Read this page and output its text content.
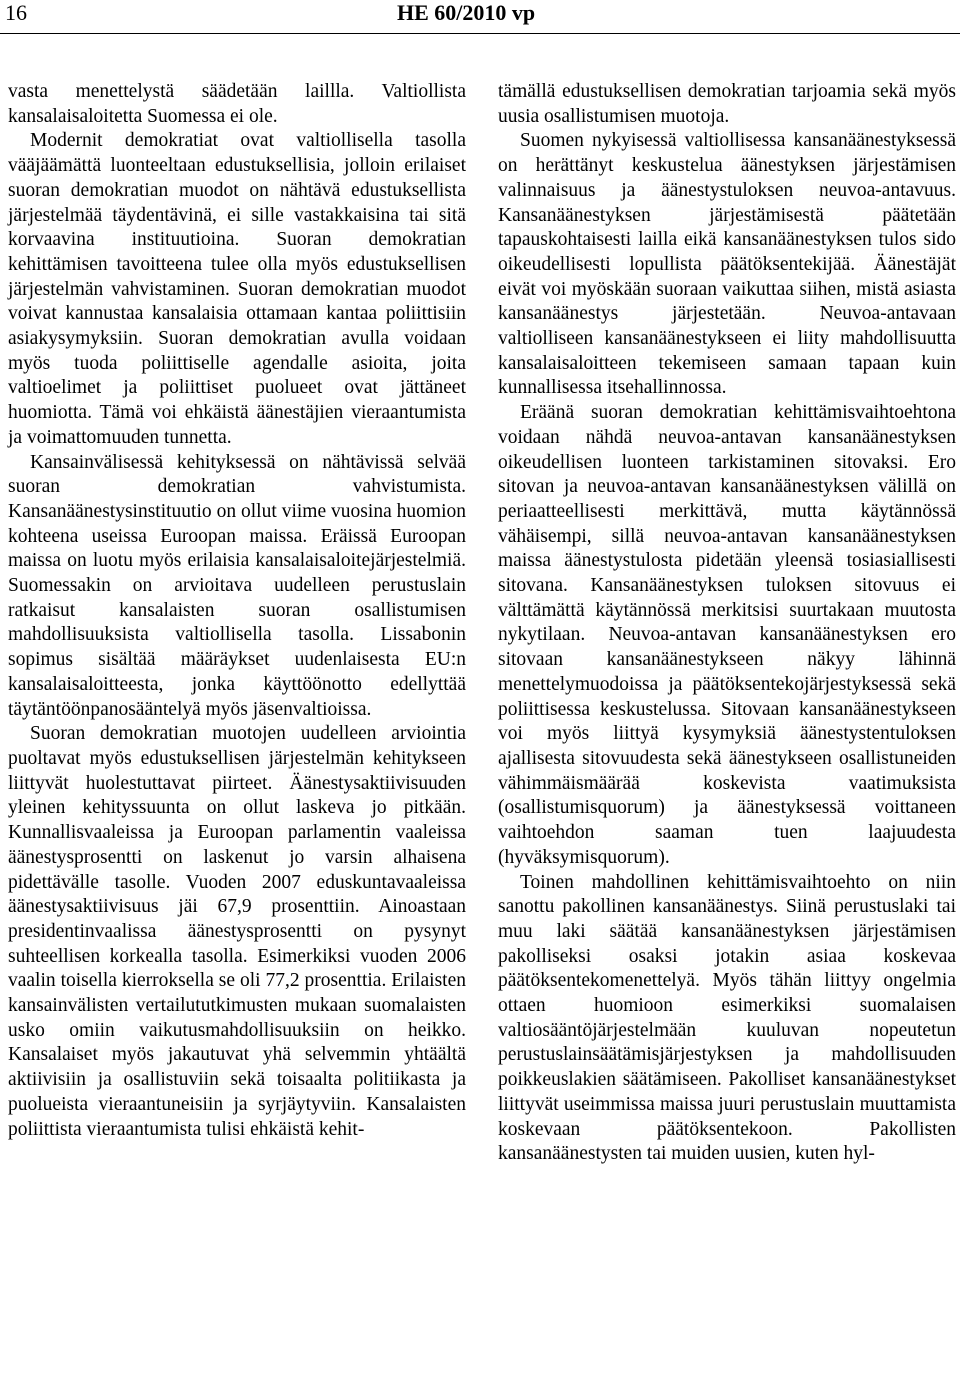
16	HE 60/2010 vp

vasta menettelystä säädetään laillla. Valtiollista kansalaisaloitetta Suomessa ei ole.

Modernit demokratiat ovat valtiollisella tasolla vääjäämättä luonteeltaan edustuksellisia, jolloin erilaiset suoran demokratian muodot on nähtävä edustuksellista järjestelmää täydentävinä, ei sille vastakkaisina tai sitä korvaavina instituutioina. Suoran demokratian kehittämisen tavoitteena tulee olla myös edustuksellisen järjestelmän vahvistaminen. Suoran demokratian muodot voivat kannustaa kansalaisia ottamaan kantaa poliittisiin asiakysymyksiin. Suoran demokratian avulla voidaan myös tuoda poliittiselle agendalle asioita, joita valtioelimet ja poliittiset puolueet ovat jättäneet huomiotta. Tämä voi ehkäistä äänestäjien vieraantumista ja voimattomuuden tunnetta.

Kansainvälisessä kehityksessä on nähtävissä selvää suoran demokratian vahvistumista. Kansanäänestysinstituutio on ollut viime vuosina huomion kohteena useissa Euroopan maissa. Eräissä Euroopan maissa on luotu myös erilaisia kansalaisaloitejärjestelmiä. Suomessakin on arvioitava uudelleen perustuslain ratkaisut kansalaisten suoran osallistumisen mahdollisuuksista valtiollisella tasolla. Lissabonin sopimus sisältää määräykset uudenlaisesta EU:n kansalaisaloitteesta, jonka käyttöönotto edellyttää täytäntöönpanosääntelyä myös jäsenvaltioissa.

Suoran demokratian muotojen uudelleen arviointia puoltavat myös edustuksellisen järjestelmän kehitykseen liittyvät huolestuttavat piirteet. Äänestysaktiivisuuden yleinen kehityssuunta on ollut laskeva jo pitkään. Kunnallisvaaleissa ja Euroopan parlamentin vaaleissa äänestysprosentti on laskenut jo varsin alhaisena pidettävälle tasolle. Vuoden 2007 eduskuntavaaleissa äänestysaktiivisuus jäi 67,9 prosenttiin. Ainoastaan presidentinvaalissa äänestysprosentti on pysynyt suhteellisen korkealla tasolla. Esimerkiksi vuoden 2006 vaalin toisella kierroksella se oli 77,2 prosenttia. Erilaisten kansainvälisten vertailututkimusten mukaan suomalaisten usko omiin vaikutusmahdollisuuksiin on heikko. Kansalaiset myös jakautuvat yhä selvemmin yhtäältä aktiivisiin ja osallistuviin sekä toisaalta politiikasta ja puolueista vieraantuneisiin ja syrjäytyviin. Kansalaisten poliittista vieraantumista tulisi ehkäistä kehit-

tämällä edustuksellisen demokratian tarjoamia sekä myös uusia osallistumisen muotoja.

Suomen nykyisessä valtiollisessa kansanäänestyksessä on herättänyt keskustelua äänestyksen järjestämisen valinnaisuus ja äänestystuloksen neuvoa-antavuus. Kansanäänestyksen järjestämisestä päätetään tapauskohtaisesti lailla eikä kansanäänestyksen tulos sido oikeudellisesti lopullista päätöksentekijää. Äänestäjät eivät voi myöskään suoraan vaikuttaa siihen, mistä asiasta kansanäänestys järjestetään. Neuvoa-antavaan valtiolliseen kansanäänestykseen ei liity mahdollisuutta kansalaisaloitteen tekemiseen samaan tapaan kuin kunnallisessa itsehallinnossa.

Eräänä suoran demokratian kehittämisvaihtoehtona voidaan nähdä neuvoa-antavan kansanäänestyksen oikeudellisen luonteen tarkistaminen sitovaksi. Ero sitovan ja neuvoa-antavan kansanäänestyksen välillä on periaatteellisesti merkittävä, mutta käytännössä vähäisempi, sillä neuvoa-antavan kansanäänestyksen maissa äänestystulosta pidetään yleensä tosiasiallisesti sitovana. Kansanäänestyksen tuloksen sitovuus ei välttämättä käytännössä merkitsisi suurtakaan muutosta nykytilaan. Neuvoa-antavan kansanäänestyksen ero sitovaan kansanäänestykseen näkyy lähinnä menettelymuodoissa ja päätöksentekojärjestyksessä sekä poliittisessa keskustelussa. Sitovaan kansanäänestykseen voi myös liittyä kysymyksiä äänestystentuloksen ajallisesta sitovuudesta sekä äänestykseen osallistuneiden vähimmäismäärää koskevista vaatimuksista (osallistumisquorum) ja äänestyksessä voittaneen vaihtoehdon saaman tuen laajuudesta (hyväksymisquorum).

Toinen mahdollinen kehittämisvaihtoehto on niin sanottu pakollinen kansanäänestys. Siinä perustuslaki tai muu laki säätää kansanäänestyksen järjestämisen pakolliseksi osaksi jotakin asiaa koskevaa päätöksentekomenettelyä. Myös tähän liittyy ongelmia ottaen huomioon esimerkiksi suomalaisen valtiosääntöjärjestelmään kuuluvan nopeutetun perustuslainsäätämisjärjestyksen ja mahdollisuuden poikkeuslakien säätämiseen. Pakolliset kansanäänestykset liittyvät useimmissa maissa juuri perustuslain muuttamista koskevaan päätöksentekoon. Pakollisten kansanäänestysten tai muiden uusien, kuten hyl-
